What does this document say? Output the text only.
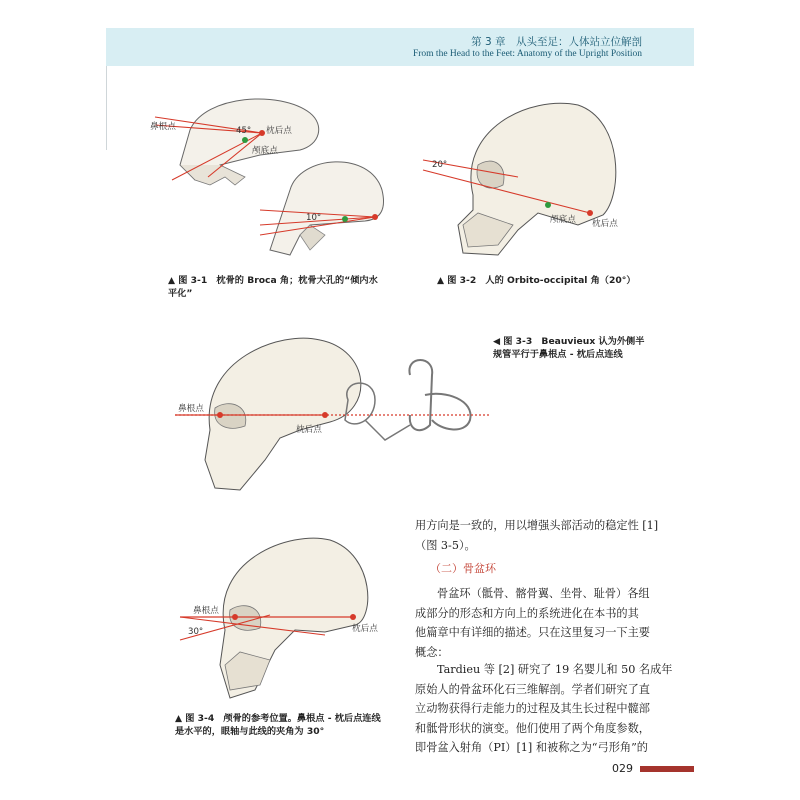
第 3 章　从头至足：人体站立位解剖
From the Head to the Feet: Anatomy of the Upright Position
鼻根点	枕后点
颅底点
45°
10°
▲ 图 3-1　枕骨的 Broca 角；枕骨大孔的“倾内水
平化”
20°
颅底点 枕后点
▲ 图 3-2　人的 Orbito-occipital 角（20°）
鼻根点
枕后点
◀ 图 3-3　Beauvieux 认为外侧半
规管平行于鼻根点 - 枕后点连线
鼻根点
30°	枕后点
▲ 图 3-4　颅骨的参考位置。鼻根点 - 枕后点连线
是水平的，眼轴与此线的夹角为 30°
用方向是一致的，用以增强头部活动的稳定性 [1]
（图 3-5）。
（二）骨盆环
骨盆环（骶骨、髂骨翼、坐骨、耻骨）各组
成部分的形态和方向上的系统进化在本书的其
他篇章中有详细的描述。只在这里复习一下主要
概念：
Tardieu 等 [2] 研究了 19 名婴儿和 50 名成年
原始人的骨盆环化石三维解剖。学者们研究了直
立动物获得行走能力的过程及其生长过程中髋部
和骶骨形状的演变。他们使用了两个角度参数，
即骨盆入射角（PI）[1] 和被称之为“弓形角”的
029
